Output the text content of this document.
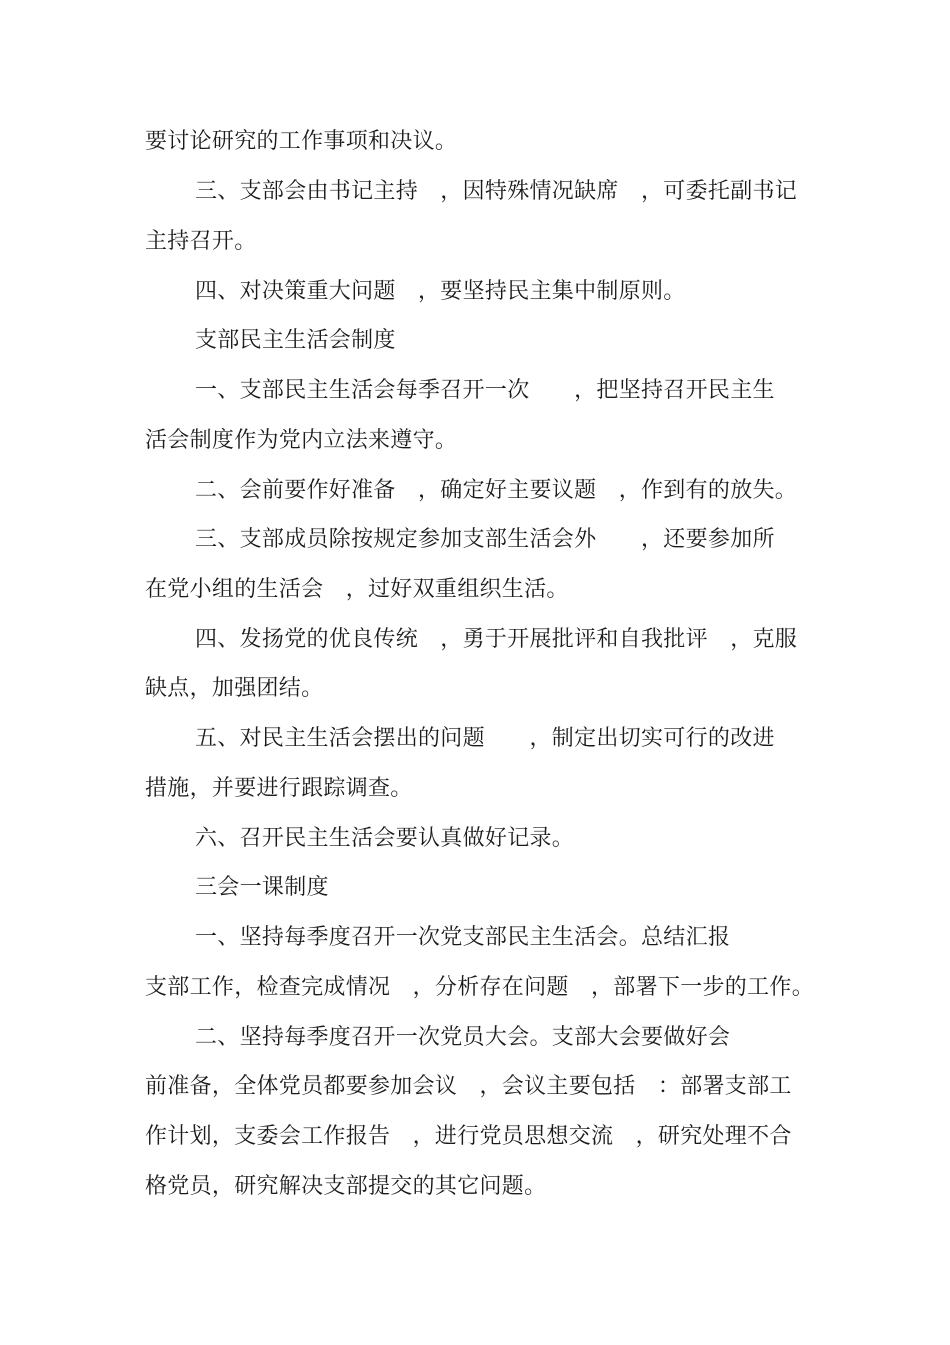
要讨论研究的工作事项和决议。
三、支部会由书记主持　，因特殊情况缺席　，可委托副书记
主持召开。
四、对决策重大问题　，要坚持民主集中制原则。
支部民主生活会制度
一、支部民主生活会每季召开一次　　，把坚持召开民主生
活会制度作为党内立法来遵守。
二、会前要作好准备　，确定好主要议题　，作到有的放失。
三、支部成员除按规定参加支部生活会外　　，还要参加所
在党小组的生活会　，过好双重组织生活。
四、发扬党的优良传统　，勇于开展批评和自我批评　，克服
缺点，加强团结。
五、对民主生活会摆出的问题　　，制定出切实可行的改进
措施，并要进行跟踪调查。
六、召开民主生活会要认真做好记录。
三会一课制度
一、坚持每季度召开一次党支部民主生活会。总结汇报
支部工作，检查完成情况　，分析存在问题　，部署下一步的工作。
二、坚持每季度召开一次党员大会。支部大会要做好会
前准备，全体党员都要参加会议　，会议主要包括　：部署支部工
作计划，支委会工作报告　，进行党员思想交流　，研究处理不合
格党员，研究解决支部提交的其它问题。
